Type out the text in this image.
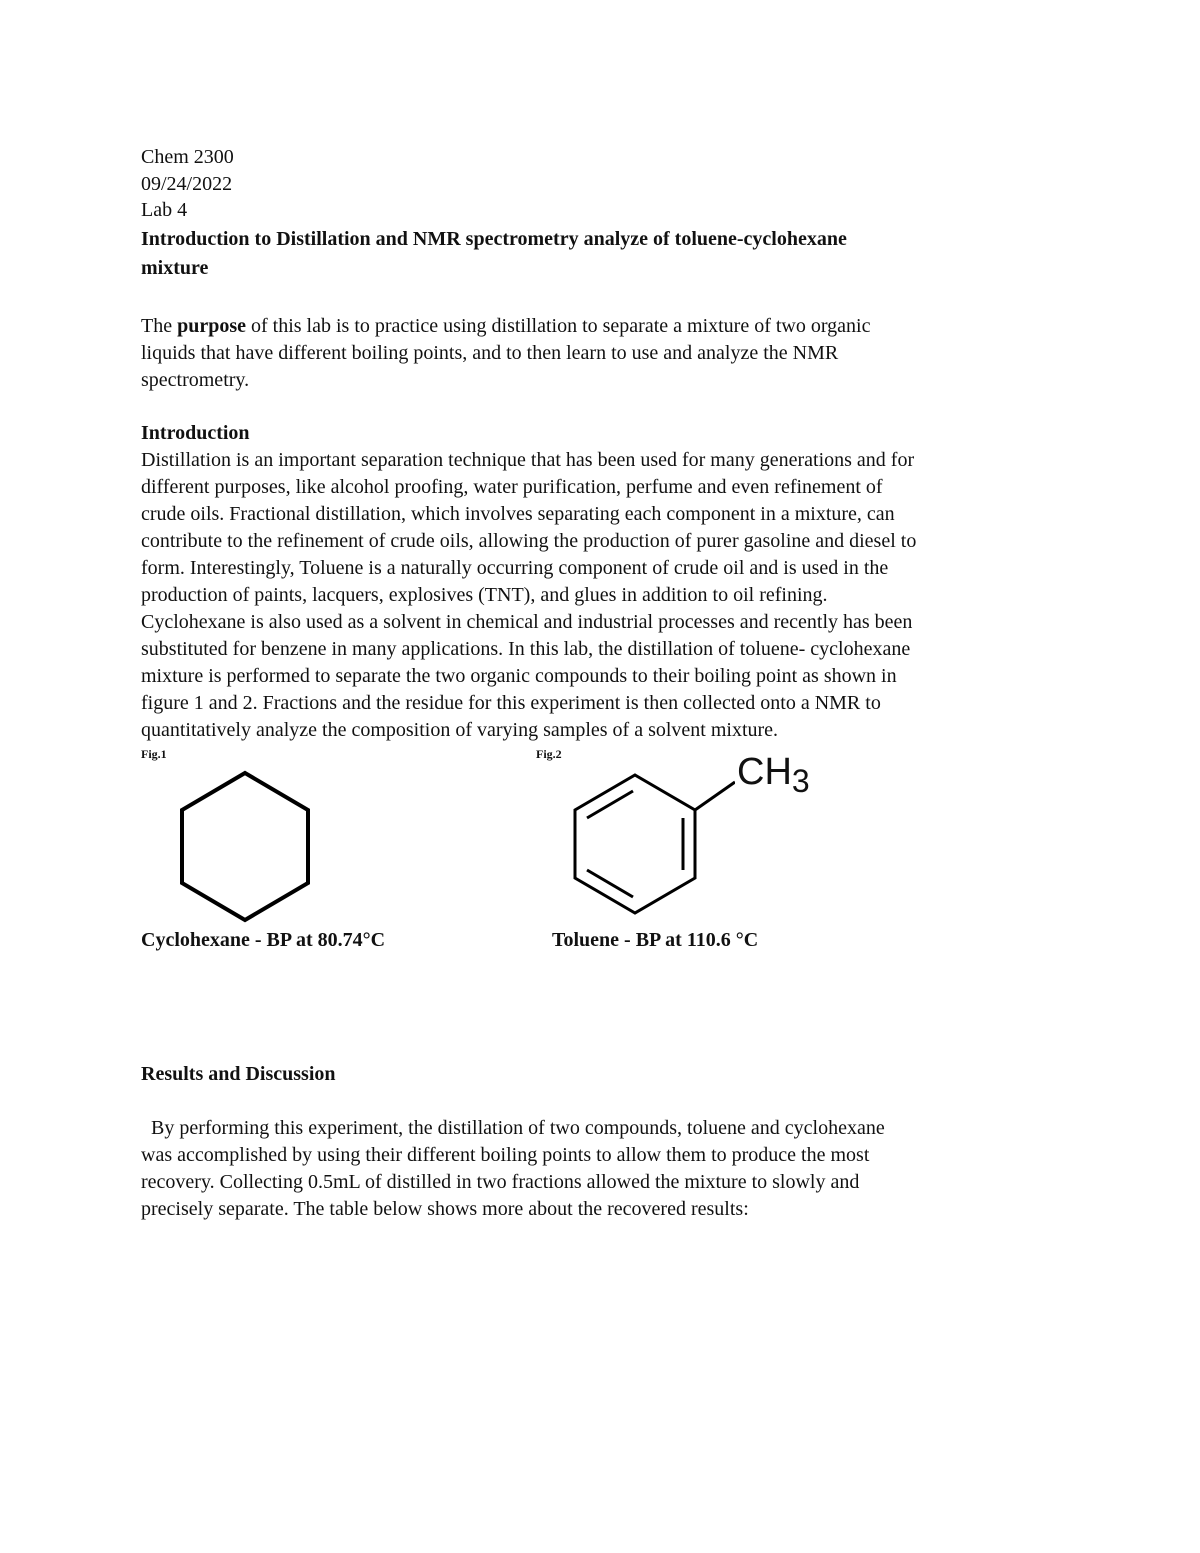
Chem 2300
09/24/2022
Lab 4
Introduction to Distillation and NMR spectrometry analyze of toluene-cyclohexane
mixture
The purpose of this lab is to practice using distillation to separate a mixture of two organic
liquids that have different boiling points, and to then learn to use and analyze the NMR
spectrometry.
Introduction
Distillation is an important separation technique that has been used for many generations and for
different purposes, like alcohol proofing, water purification, perfume and even refinement of
crude oils. Fractional distillation, which involves separating each component in a mixture, can
contribute to the refinement of crude oils, allowing the production of purer gasoline and diesel to
form. Interestingly, Toluene is a naturally occurring component of crude oil and is used in the
production of paints, lacquers, explosives (TNT), and glues in addition to oil refining.
Cyclohexane is also used as a solvent in chemical and industrial processes and recently has been
substituted for benzene in many applications. In this lab, the distillation of toluene- cyclohexane
mixture is performed to separate the two organic compounds to their boiling point as shown in
figure 1 and 2. Fractions and the residue for this experiment is then collected onto a NMR to
quantitatively analyze the composition of varying samples of a solvent mixture.
Fig.1	Fig.2	$CH_3$
Cyclohexane - BP at 80.74°C	Toluene - BP at 110.6 °C
Results and Discussion
By performing this experiment, the distillation of two compounds, toluene and cyclohexane
was accomplished by using their different boiling points to allow them to produce the most
recovery. Collecting 0.5mL of distilled in two fractions allowed the mixture to slowly and
precisely separate. The table below shows more about the recovered results:
